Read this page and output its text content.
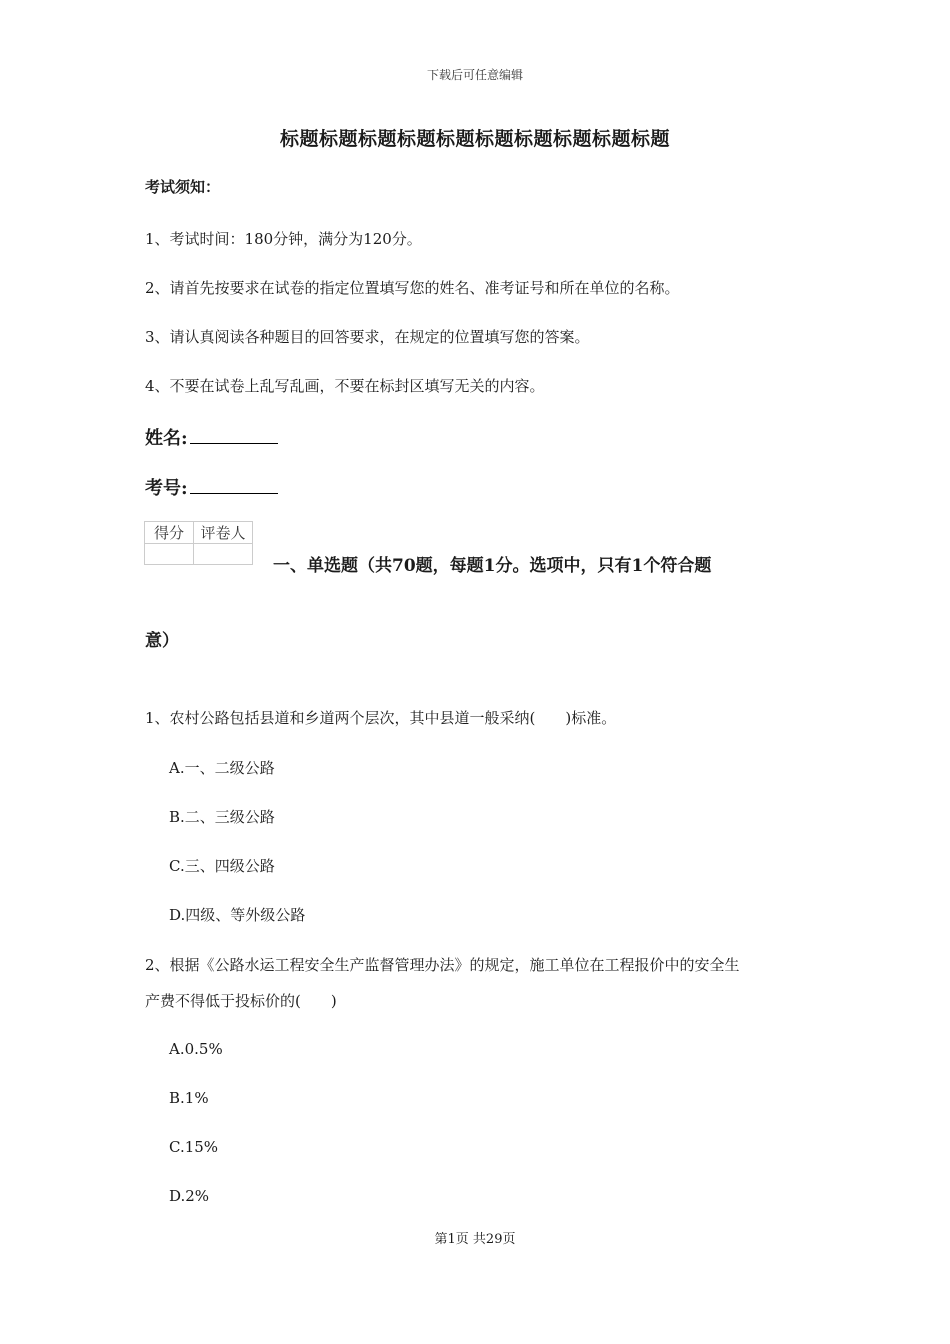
下载后可任意编辑
标题标题标题标题标题标题标题标题标题标题
考试须知：
1、考试时间：180分钟，满分为120分。
2、请首先按要求在试卷的指定位置填写您的姓名、准考证号和所在单位的名称。
3、请认真阅读各种题目的回答要求，在规定的位置填写您的答案。
4、不要在试卷上乱写乱画，不要在标封区填写无关的内容。
姓名:
考号:
得分	评卷人

一、单选题（共70题，每题1分。选项中，只有1个符合题
意）
1、农村公路包括县道和乡道两个层次，其中县道一般采纳(　　)标准。
A.一、二级公路
B.二、三级公路
C.三、四级公路
D.四级、等外级公路
2、根据《公路水运工程安全生产监督管理办法》的规定，施工单位在工程报价中的安全生
产费不得低于投标价的(　　)
A.0.5%
B.1%
C.15%
D.2%
第1页 共29页
